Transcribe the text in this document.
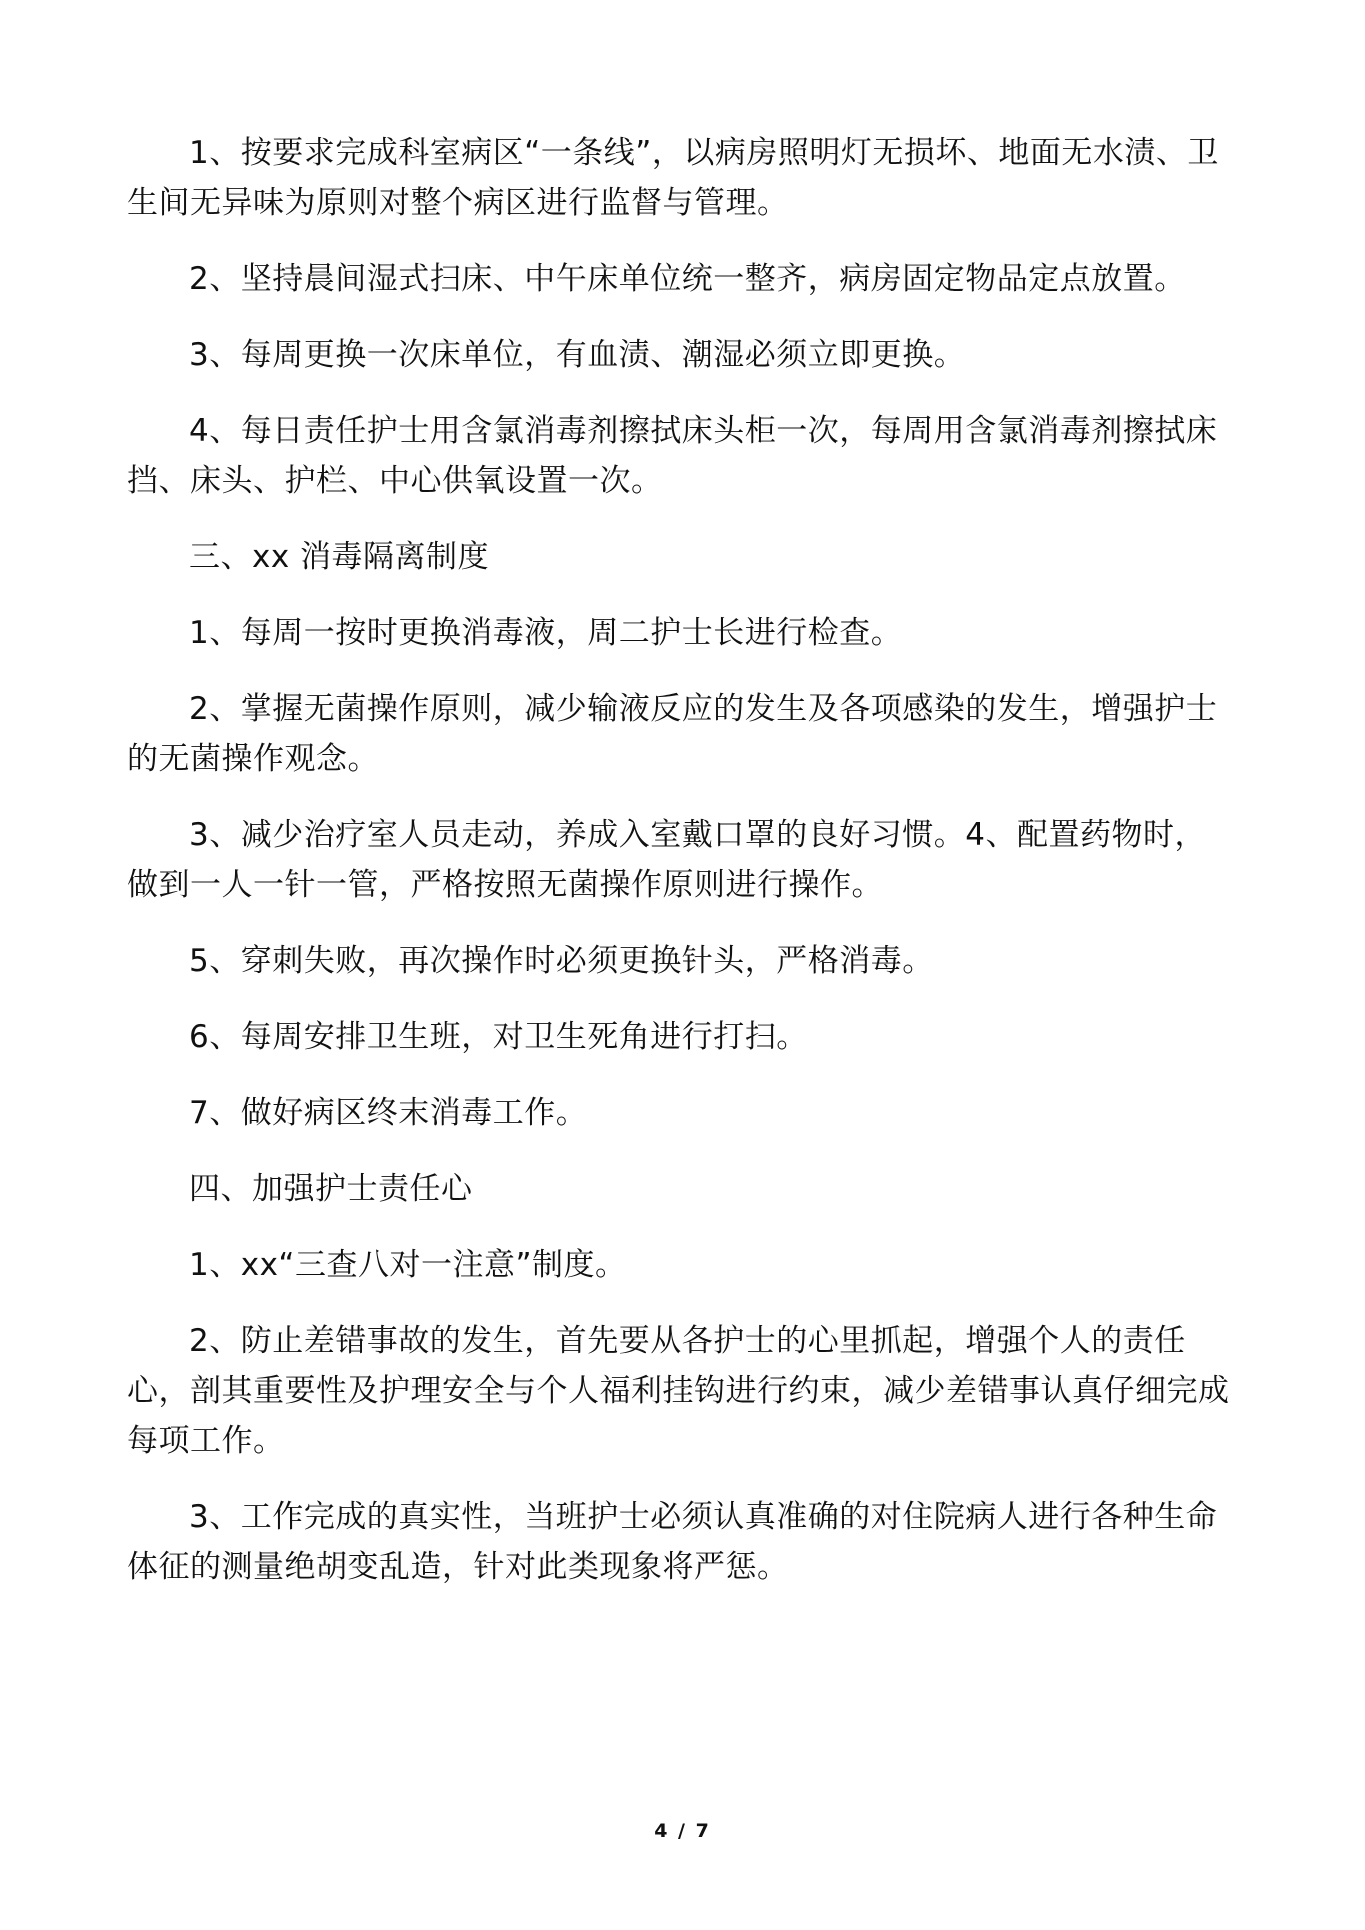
1、按要求完成科室病区“一条线”，以病房照明灯无损坏、地面无水渍、卫生间无异味为原则对整个病区进行监督与管理。

2、坚持晨间湿式扫床、中午床单位统一整齐，病房固定物品定点放置。

3、每周更换一次床单位，有血渍、潮湿必须立即更换。

4、每日责任护士用含氯消毒剂擦拭床头柜一次，每周用含氯消毒剂擦拭床挡、床头、护栏、中心供氧设置一次。

三、xx 消毒隔离制度

1、每周一按时更换消毒液，周二护士长进行检查。

2、掌握无菌操作原则，减少输液反应的发生及各项感染的发生，增强护士的无菌操作观念。

3、减少治疗室人员走动，养成入室戴口罩的良好习惯。4、配置药物时，做到一人一针一管，严格按照无菌操作原则进行操作。

5、穿刺失败，再次操作时必须更换针头，严格消毒。

6、每周安排卫生班，对卫生死角进行打扫。

7、做好病区终末消毒工作。

四、加强护士责任心

1、xx“三查八对一注意”制度。

2、防止差错事故的发生，首先要从各护士的心里抓起，增强个人的责任心，剖其重要性及护理安全与个人福利挂钩进行约束，减少差错事认真仔细完成每项工作。

3、工作完成的真实性，当班护士必须认真准确的对住院病人进行各种生命体征的测量绝胡变乱造，针对此类现象将严惩。

4 / 7
